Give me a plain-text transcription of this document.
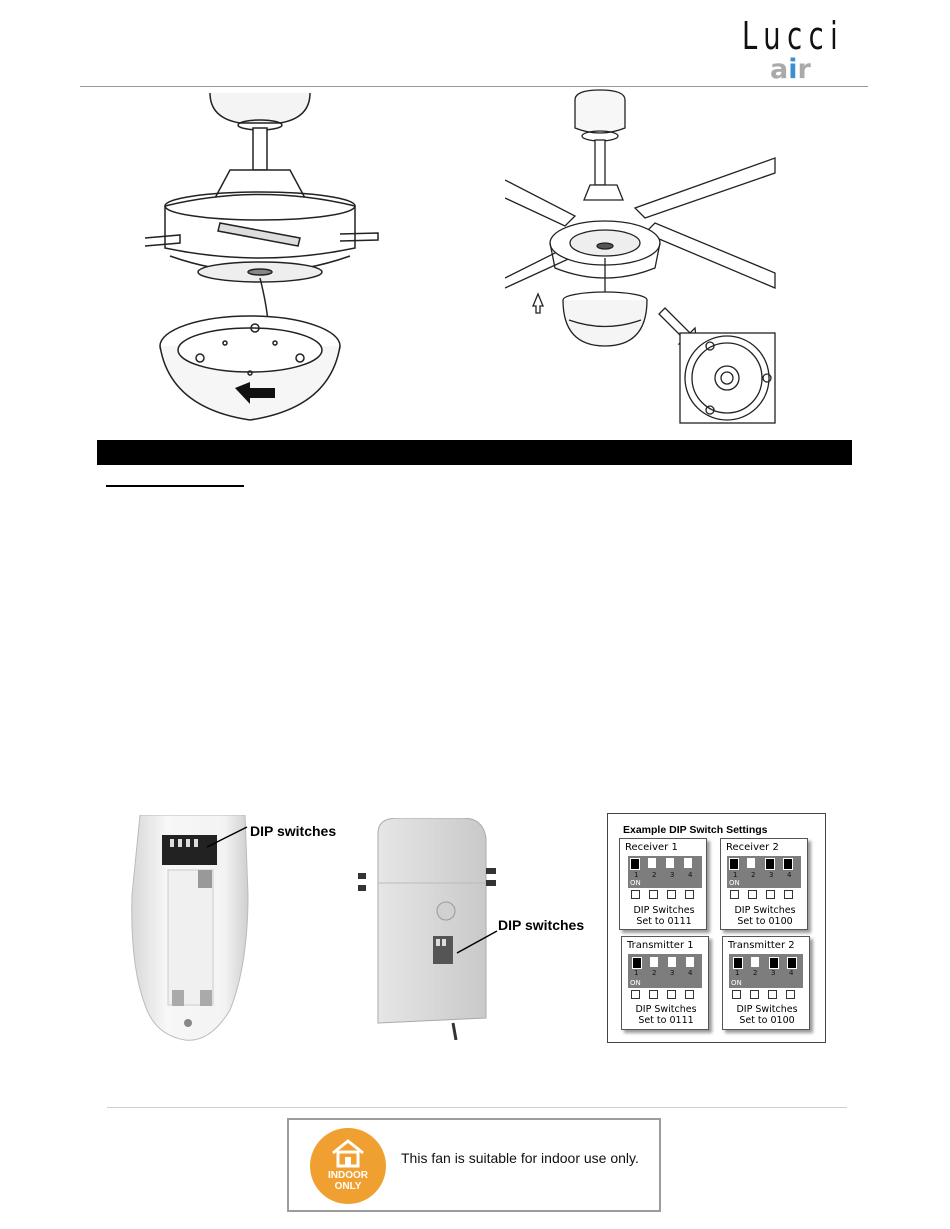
Lucci
air
DIP switches
DIP switches
Example DIP Switch Settings
Receiver 1
ON
1 2 3 4
DIP Switches
Set to 0111
Receiver 2
ON
1 2 3 4
DIP Switches
Set to 0100
Transmitter 1
ON
1 2 3 4
DIP Switches
Set to 0111
Transmitter 2
ON
1 2 3 4
DIP Switches
Set to 0100
INDOOR
ONLY
This fan is suitable for indoor use only.
